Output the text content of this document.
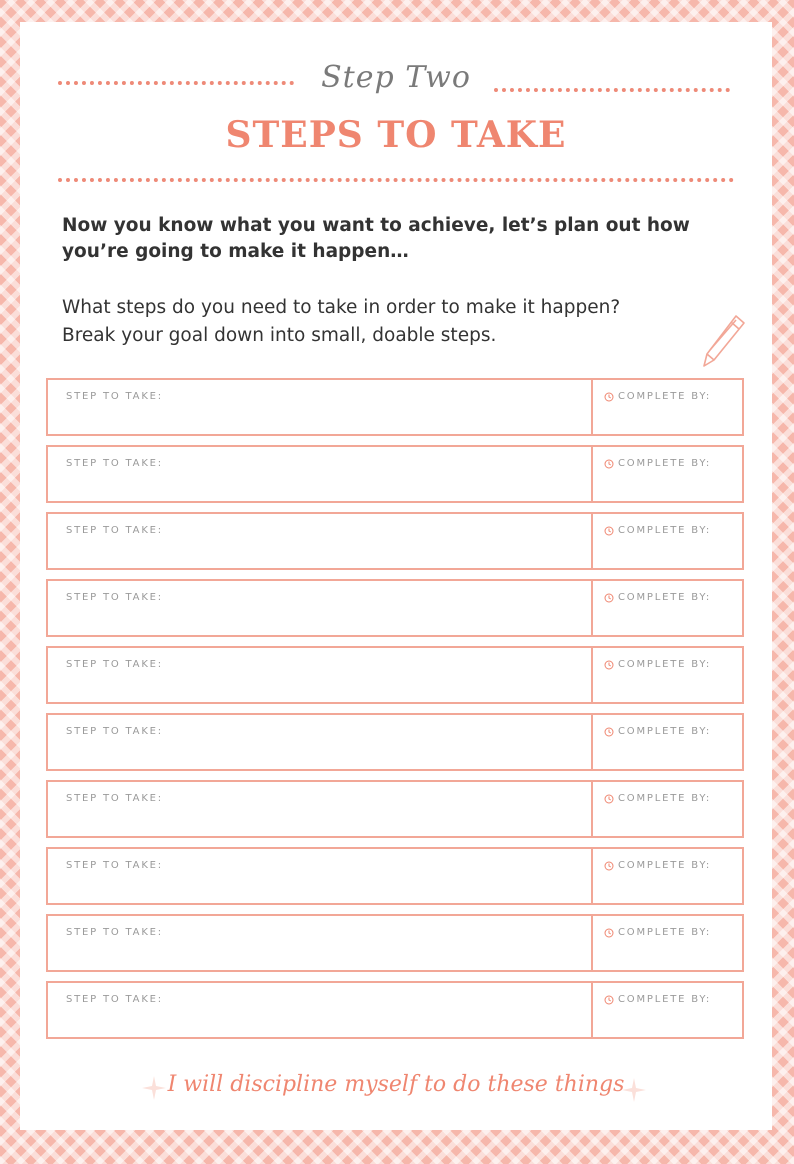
Step Two
STEPS TO TAKE
Now you know what you want to achieve, let’s plan out how you’re going to make it happen…
What steps do you need to take in order to make it happen?
Break your goal down into small, doable steps.
STEP TO TAKE:	COMPLETE BY:
STEP TO TAKE:	COMPLETE BY:
STEP TO TAKE:	COMPLETE BY:
STEP TO TAKE:	COMPLETE BY:
STEP TO TAKE:	COMPLETE BY:
STEP TO TAKE:	COMPLETE BY:
STEP TO TAKE:	COMPLETE BY:
STEP TO TAKE:	COMPLETE BY:
STEP TO TAKE:	COMPLETE BY:
STEP TO TAKE:	COMPLETE BY:
I will discipline myself to do these things
